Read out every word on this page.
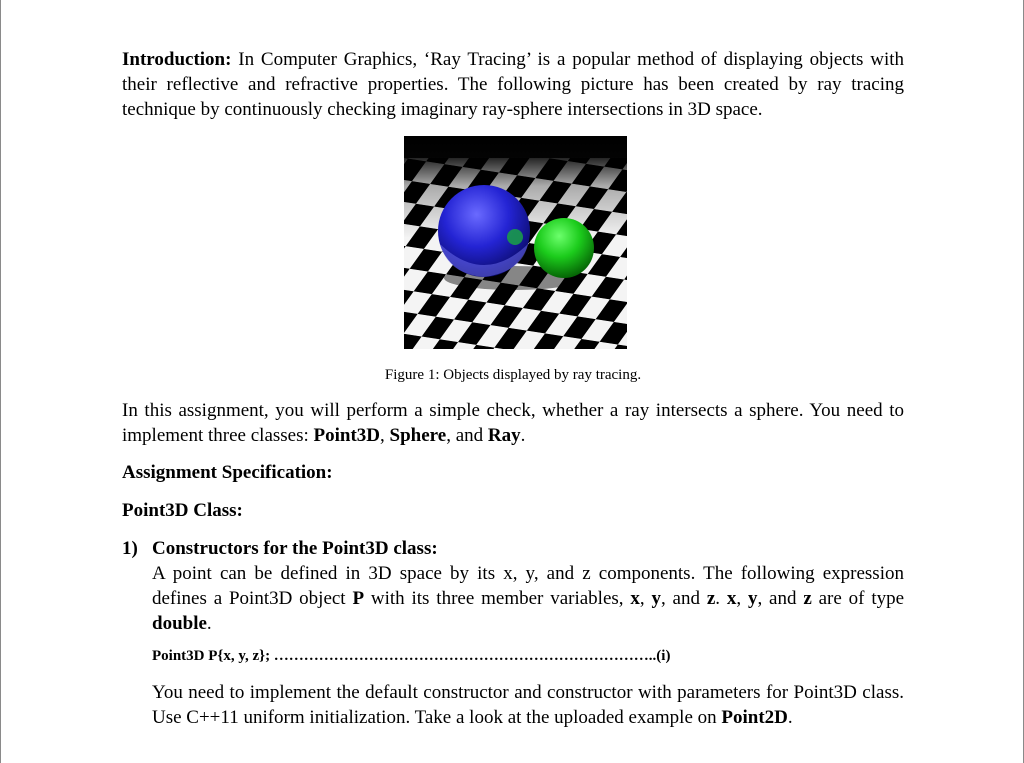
Introduction: In Computer Graphics, ‘Ray Tracing’ is a popular method of displaying objects with their reflective and refractive properties. The following picture has been created by ray tracing technique by continuously checking imaginary ray-sphere intersections in 3D space.

Figure 1: Objects displayed by ray tracing.

In this assignment, you will perform a simple check, whether a ray intersects a sphere. You need to implement three classes: Point3D, Sphere, and Ray.

Assignment Specification:

Point3D Class:

1) Constructors for the Point3D class:

A point can be defined in 3D space by its x, y, and z components. The following expression defines a Point3D object P with its three member variables, x, y, and z. x, y, and z are of type double.

Point3D P{x, y, z}; …………………………………………………………………..(i)

You need to implement the default constructor and constructor with parameters for Point3D class. Use C++11 uniform initialization. Take a look at the uploaded example on Point2D.
